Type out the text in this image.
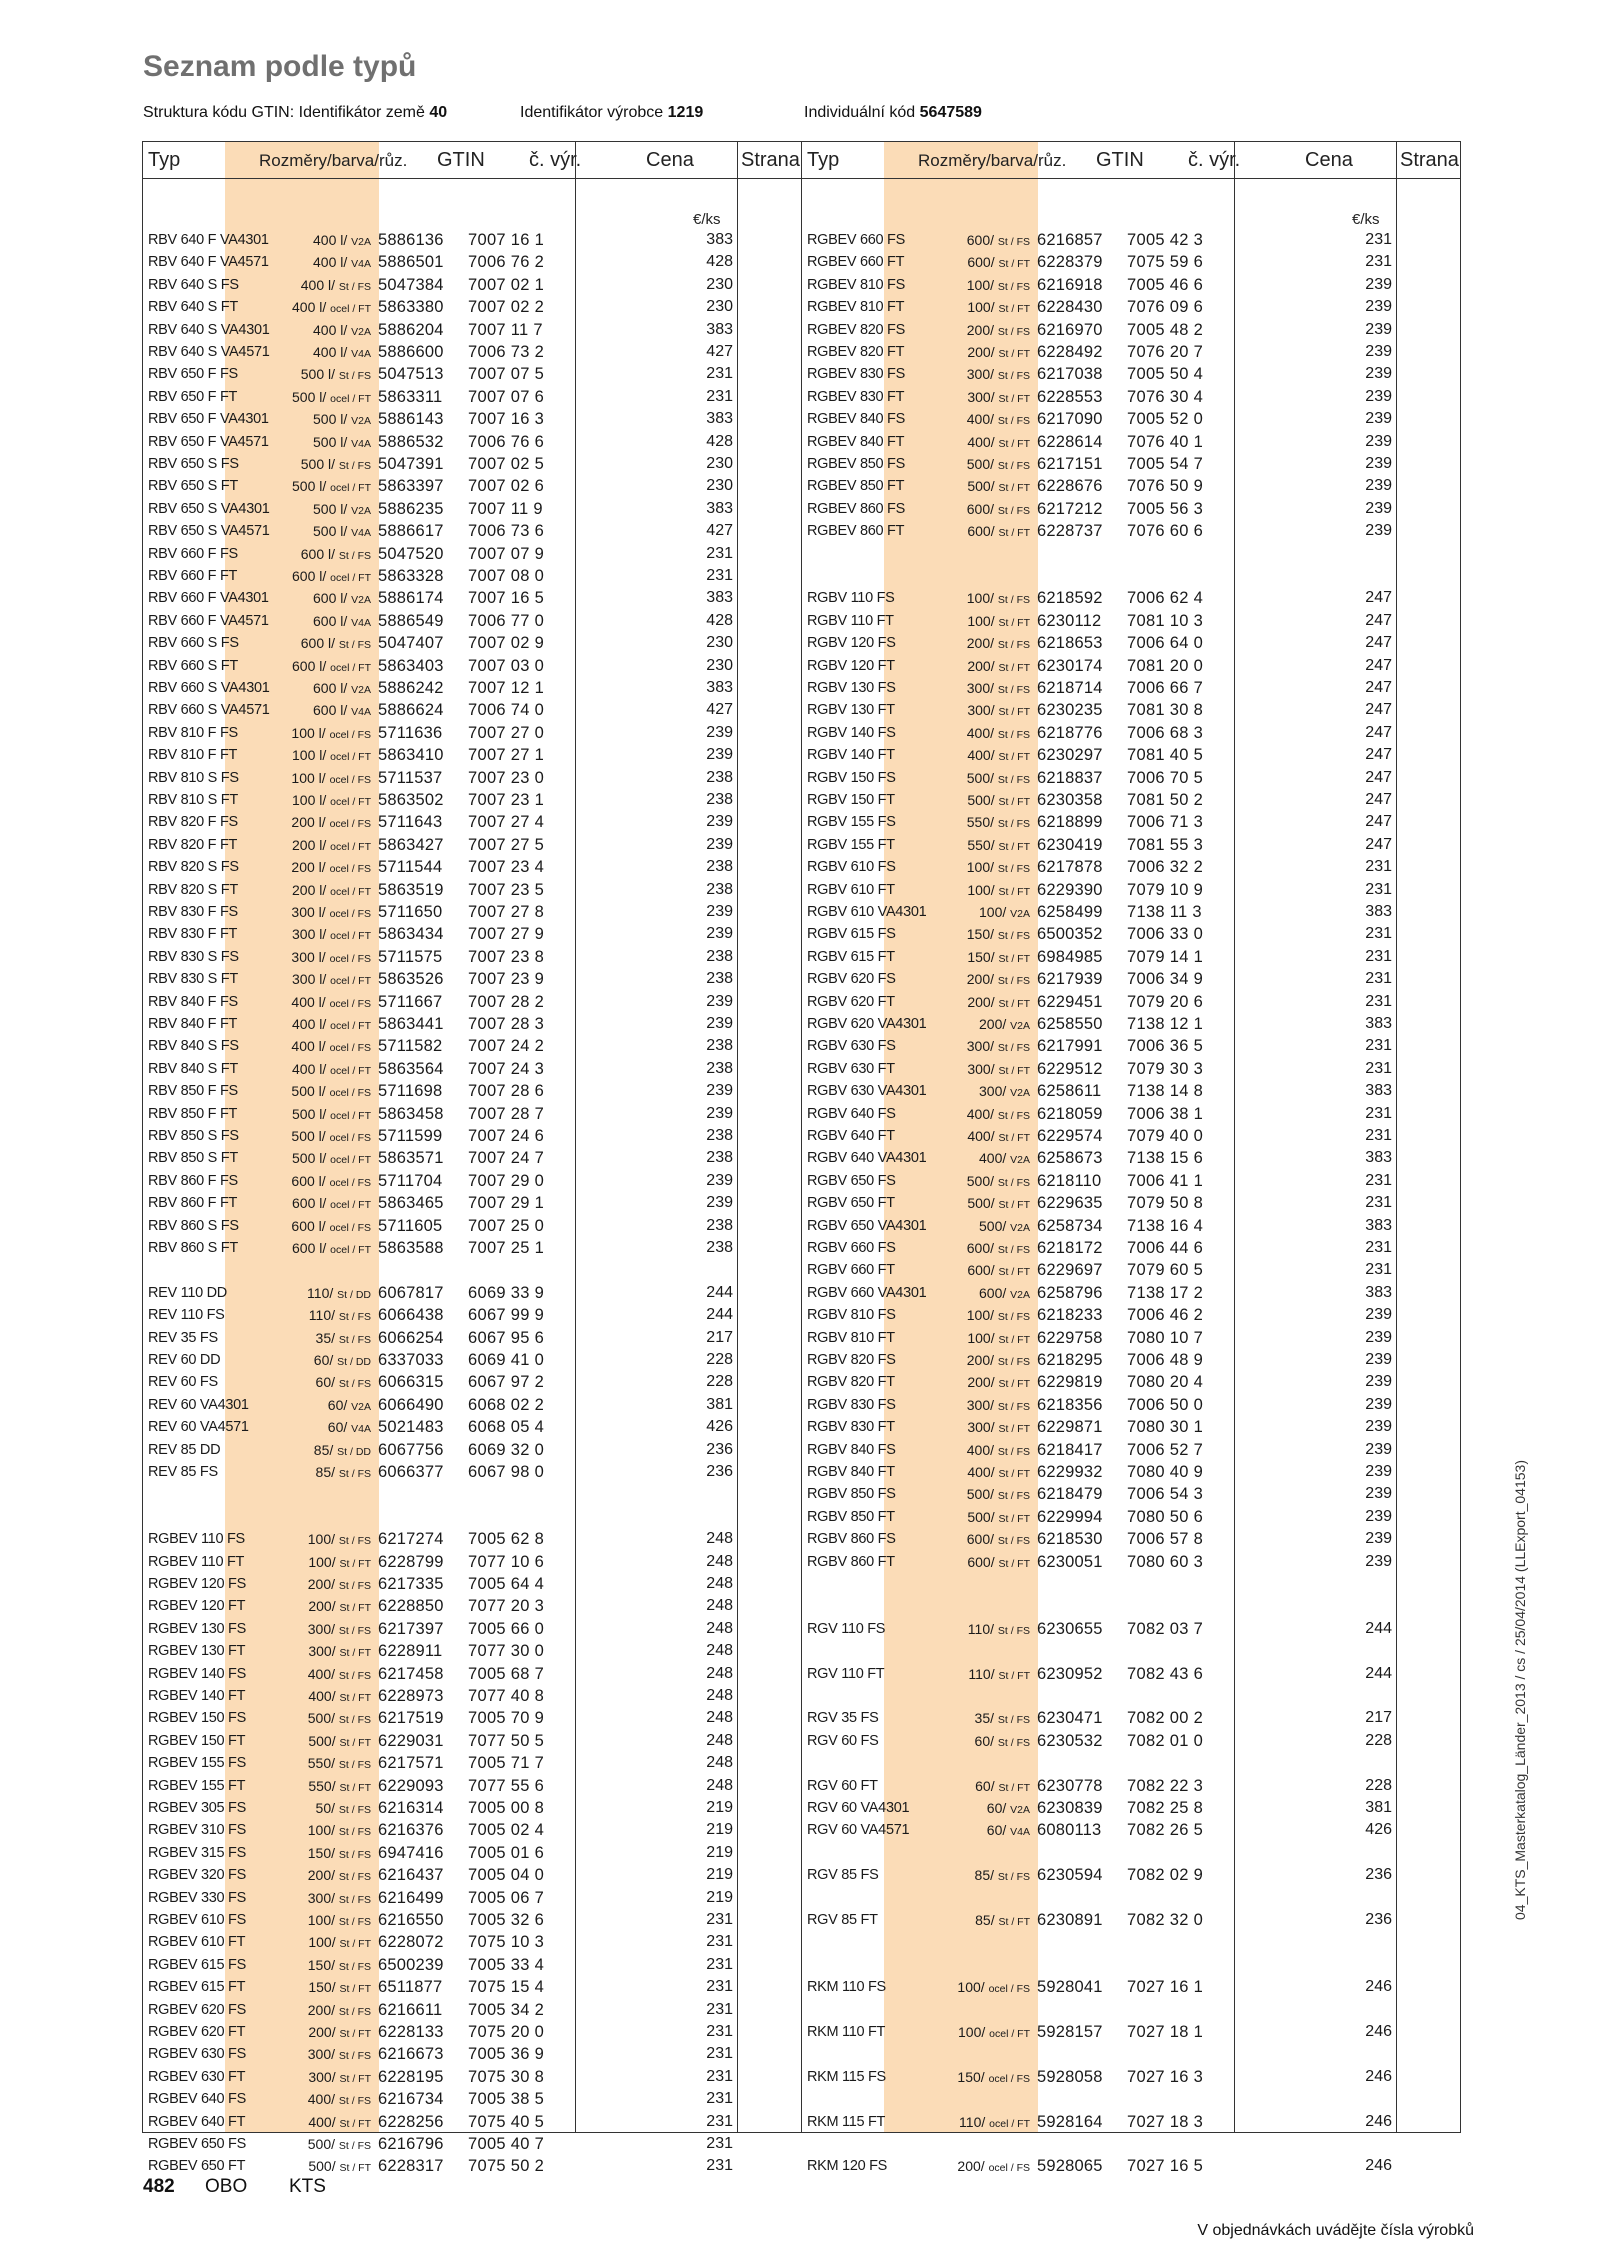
Seznam podle typů
Struktura kódu GTIN: Identifikátor země 40	Identifikátor výrobce 1219	Individuální kód 5647589
Typ	Rozměry/barva/růz. GTIN č. výr.	Cena Strana
€/ks
RBV 640 F VA4301	400 l/ V2A 5886136 7007 16 1	383
RBV 640 F VA4571	400 l/ V4A 5886501 7006 76 2	428
RBV 640 S FS	400 l/ St / FS 5047384 7007 02 1	230
RBV 640 S FT	400 l/ ocel / FT 5863380 7007 02 2	230
RBV 640 S VA4301	400 l/ V2A 5886204 7007 11 7	383
RBV 640 S VA4571	400 l/ V4A 5886600 7006 73 2	427
RBV 650 F FS	500 l/ St / FS 5047513 7007 07 5	231
RBV 650 F FT	500 l/ ocel / FT 5863311 7007 07 6	231
RBV 650 F VA4301	500 l/ V2A 5886143 7007 16 3	383
RBV 650 F VA4571	500 l/ V4A 5886532 7006 76 6	428
RBV 650 S FS	500 l/ St / FS 5047391 7007 02 5	230
RBV 650 S FT	500 l/ ocel / FT 5863397 7007 02 6	230
RBV 650 S VA4301	500 l/ V2A 5886235 7007 11 9	383
RBV 650 S VA4571	500 l/ V4A 5886617 7006 73 6	427
RBV 660 F FS	600 l/ St / FS 5047520 7007 07 9	231
RBV 660 F FT	600 l/ ocel / FT 5863328 7007 08 0	231
RBV 660 F VA4301	600 l/ V2A 5886174 7007 16 5	383
RBV 660 F VA4571	600 l/ V4A 5886549 7006 77 0	428
RBV 660 S FS	600 l/ St / FS 5047407 7007 02 9	230
RBV 660 S FT	600 l/ ocel / FT 5863403 7007 03 0	230
RBV 660 S VA4301	600 l/ V2A 5886242 7007 12 1	383
RBV 660 S VA4571	600 l/ V4A 5886624 7006 74 0	427
RBV 810 F FS	100 l/ ocel / FS 5711636 7007 27 0	239
RBV 810 F FT	100 l/ ocel / FT 5863410 7007 27 1	239
RBV 810 S FS	100 l/ ocel / FS 5711537 7007 23 0	238
RBV 810 S FT	100 l/ ocel / FT 5863502 7007 23 1	238
RBV 820 F FS	200 l/ ocel / FS 5711643 7007 27 4	239
RBV 820 F FT	200 l/ ocel / FT 5863427 7007 27 5	239
RBV 820 S FS	200 l/ ocel / FS 5711544 7007 23 4	238
RBV 820 S FT	200 l/ ocel / FT 5863519 7007 23 5	238
RBV 830 F FS	300 l/ ocel / FS 5711650 7007 27 8	239
RBV 830 F FT	300 l/ ocel / FT 5863434 7007 27 9	239
RBV 830 S FS	300 l/ ocel / FS 5711575 7007 23 8	238
RBV 830 S FT	300 l/ ocel / FT 5863526 7007 23 9	238
RBV 840 F FS	400 l/ ocel / FS 5711667 7007 28 2	239
RBV 840 F FT	400 l/ ocel / FT 5863441 7007 28 3	239
RBV 840 S FS	400 l/ ocel / FS 5711582 7007 24 2	238
RBV 840 S FT	400 l/ ocel / FT 5863564 7007 24 3	238
RBV 850 F FS	500 l/ ocel / FS 5711698 7007 28 6	239
RBV 850 F FT	500 l/ ocel / FT 5863458 7007 28 7	239
RBV 850 S FS	500 l/ ocel / FS 5711599 7007 24 6	238
RBV 850 S FT	500 l/ ocel / FT 5863571 7007 24 7	238
RBV 860 F FS	600 l/ ocel / FS 5711704 7007 29 0	239
RBV 860 F FT	600 l/ ocel / FT 5863465 7007 29 1	239
RBV 860 S FS	600 l/ ocel / FS 5711605 7007 25 0	238
RBV 860 S FT	600 l/ ocel / FT 5863588 7007 25 1	238
REV 110 DD	110/ St / DD 6067817 6069 33 9	244
REV 110 FS	110/ St / FS 6066438 6067 99 9	244
REV 35 FS	35/ St / FS 6066254 6067 95 6	217
REV 60 DD	60/ St / DD 6337033 6069 41 0	228
REV 60 FS	60/ St / FS 6066315 6067 97 2	228
REV 60 VA4301	60/ V2A 6066490 6068 02 2	381
REV 60 VA4571	60/ V4A 5021483 6068 05 4	426
REV 85 DD	85/ St / DD 6067756 6069 32 0	236
REV 85 FS	85/ St / FS 6066377 6067 98 0	236
RGBEV 110 FS	100/ St / FS 6217274 7005 62 8	248
RGBEV 110 FT	100/ St / FT 6228799 7077 10 6	248
RGBEV 120 FS	200/ St / FS 6217335 7005 64 4	248
RGBEV 120 FT	200/ St / FT 6228850 7077 20 3	248
RGBEV 130 FS	300/ St / FS 6217397 7005 66 0	248
RGBEV 130 FT	300/ St / FT 6228911 7077 30 0	248
RGBEV 140 FS	400/ St / FS 6217458 7005 68 7	248
RGBEV 140 FT	400/ St / FT 6228973 7077 40 8	248
RGBEV 150 FS	500/ St / FS 6217519 7005 70 9	248
RGBEV 150 FT	500/ St / FT 6229031 7077 50 5	248
RGBEV 155 FS	550/ St / FS 6217571 7005 71 7	248
RGBEV 155 FT	550/ St / FT 6229093 7077 55 6	248
RGBEV 305 FS	50/ St / FS 6216314 7005 00 8	219
RGBEV 310 FS	100/ St / FS 6216376 7005 02 4	219
RGBEV 315 FS	150/ St / FS 6947416 7005 01 6	219
RGBEV 320 FS	200/ St / FS 6216437 7005 04 0	219
RGBEV 330 FS	300/ St / FS 6216499 7005 06 7	219
RGBEV 610 FS	100/ St / FS 6216550 7005 32 6	231
RGBEV 610 FT	100/ St / FT 6228072 7075 10 3	231
RGBEV 615 FS	150/ St / FS 6500239 7005 33 4	231
RGBEV 615 FT	150/ St / FT 6511877 7075 15 4	231
RGBEV 620 FS	200/ St / FS 6216611 7005 34 2	231
RGBEV 620 FT	200/ St / FT 6228133 7075 20 0	231
RGBEV 630 FS	300/ St / FS 6216673 7005 36 9	231
RGBEV 630 FT	300/ St / FT 6228195 7075 30 8	231
RGBEV 640 FS	400/ St / FS 6216734 7005 38 5	231
RGBEV 640 FT	400/ St / FT 6228256 7075 40 5	231
RGBEV 650 FS	500/ St / FS 6216796 7005 40 7	231
RGBEV 650 FT	500/ St / FT 6228317 7075 50 2	231
Typ	Rozměry/barva/růz. GTIN č. výr.	Cena Strana
€/ks
RGBEV 660 FS	600/ St / FS 6216857 7005 42 3	231
RGBEV 660 FT	600/ St / FT 6228379 7075 59 6	231
RGBEV 810 FS	100/ St / FS 6216918 7005 46 6	239
RGBEV 810 FT	100/ St / FT 6228430 7076 09 6	239
RGBEV 820 FS	200/ St / FS 6216970 7005 48 2	239
RGBEV 820 FT	200/ St / FT 6228492 7076 20 7	239
RGBEV 830 FS	300/ St / FS 6217038 7005 50 4	239
RGBEV 830 FT	300/ St / FT 6228553 7076 30 4	239
RGBEV 840 FS	400/ St / FS 6217090 7005 52 0	239
RGBEV 840 FT	400/ St / FT 6228614 7076 40 1	239
RGBEV 850 FS	500/ St / FS 6217151 7005 54 7	239
RGBEV 850 FT	500/ St / FT 6228676 7076 50 9	239
RGBEV 860 FS	600/ St / FS 6217212 7005 56 3	239
RGBEV 860 FT	600/ St / FT 6228737 7076 60 6	239
RGBV 110 FS	100/ St / FS 6218592 7006 62 4	247
RGBV 110 FT	100/ St / FT 6230112 7081 10 3	247
RGBV 120 FS	200/ St / FS 6218653 7006 64 0	247
RGBV 120 FT	200/ St / FT 6230174 7081 20 0	247
RGBV 130 FS	300/ St / FS 6218714 7006 66 7	247
RGBV 130 FT	300/ St / FT 6230235 7081 30 8	247
RGBV 140 FS	400/ St / FS 6218776 7006 68 3	247
RGBV 140 FT	400/ St / FT 6230297 7081 40 5	247
RGBV 150 FS	500/ St / FS 6218837 7006 70 5	247
RGBV 150 FT	500/ St / FT 6230358 7081 50 2	247
RGBV 155 FS	550/ St / FS 6218899 7006 71 3	247
RGBV 155 FT	550/ St / FT 6230419 7081 55 3	247
RGBV 610 FS	100/ St / FS 6217878 7006 32 2	231
RGBV 610 FT	100/ St / FT 6229390 7079 10 9	231
RGBV 610 VA4301	100/ V2A 6258499 7138 11 3	383
RGBV 615 FS	150/ St / FS 6500352 7006 33 0	231
RGBV 615 FT	150/ St / FT 6984985 7079 14 1	231
RGBV 620 FS	200/ St / FS 6217939 7006 34 9	231
RGBV 620 FT	200/ St / FT 6229451 7079 20 6	231
RGBV 620 VA4301	200/ V2A 6258550 7138 12 1	383
RGBV 630 FS	300/ St / FS 6217991 7006 36 5	231
RGBV 630 FT	300/ St / FT 6229512 7079 30 3	231
RGBV 630 VA4301	300/ V2A 6258611 7138 14 8	383
RGBV 640 FS	400/ St / FS 6218059 7006 38 1	231
RGBV 640 FT	400/ St / FT 6229574 7079 40 0	231
RGBV 640 VA4301	400/ V2A 6258673 7138 15 6	383
RGBV 650 FS	500/ St / FS 6218110 7006 41 1	231
RGBV 650 FT	500/ St / FT 6229635 7079 50 8	231
RGBV 650 VA4301	500/ V2A 6258734 7138 16 4	383
RGBV 660 FS	600/ St / FS 6218172 7006 44 6	231
RGBV 660 FT	600/ St / FT 6229697 7079 60 5	231
RGBV 660 VA4301	600/ V2A 6258796 7138 17 2	383
RGBV 810 FS	100/ St / FS 6218233 7006 46 2	239
RGBV 810 FT	100/ St / FT 6229758 7080 10 7	239
RGBV 820 FS	200/ St / FS 6218295 7006 48 9	239
RGBV 820 FT	200/ St / FT 6229819 7080 20 4	239
RGBV 830 FS	300/ St / FS 6218356 7006 50 0	239
RGBV 830 FT	300/ St / FT 6229871 7080 30 1	239
RGBV 840 FS	400/ St / FS 6218417 7006 52 7	239
RGBV 840 FT	400/ St / FT 6229932 7080 40 9	239
RGBV 850 FS	500/ St / FS 6218479 7006 54 3	239
RGBV 850 FT	500/ St / FT 6229994 7080 50 6	239
RGBV 860 FS	600/ St / FS 6218530 7006 57 8	239
RGBV 860 FT	600/ St / FT 6230051 7080 60 3	239
RGV 110 FS	110/ St / FS 6230655 7082 03 7	244
RGV 110 FT	110/ St / FT 6230952 7082 43 6	244
RGV 35 FS	35/ St / FS 6230471 7082 00 2	217
RGV 60 FS	60/ St / FS 6230532 7082 01 0	228
RGV 60 FT	60/ St / FT 6230778 7082 22 3	228
RGV 60 VA4301	60/ V2A 6230839 7082 25 8	381
RGV 60 VA4571	60/ V4A 6080113 7082 26 5	426
RGV 85 FS	85/ St / FS 6230594 7082 02 9	236
RGV 85 FT	85/ St / FT 6230891 7082 32 0	236
RKM 110 FS	100/ ocel / FS 5928041 7027 16 1	246
RKM 110 FT	100/ ocel / FT 5928157 7027 18 1	246
RKM 115 FS	150/ ocel / FS 5928058 7027 16 3	246
RKM 115 FT	110/ ocel / FT 5928164 7027 18 3	246
RKM 120 FS	200/ ocel / FS 5928065 7027 16 5	246
04_KTS_Masterkatalog_Länder_2013 / cs / 25/04/2014 (LLExport_04153)
482 OBO KTS
V objednávkách uvádějte čísla výrobků
